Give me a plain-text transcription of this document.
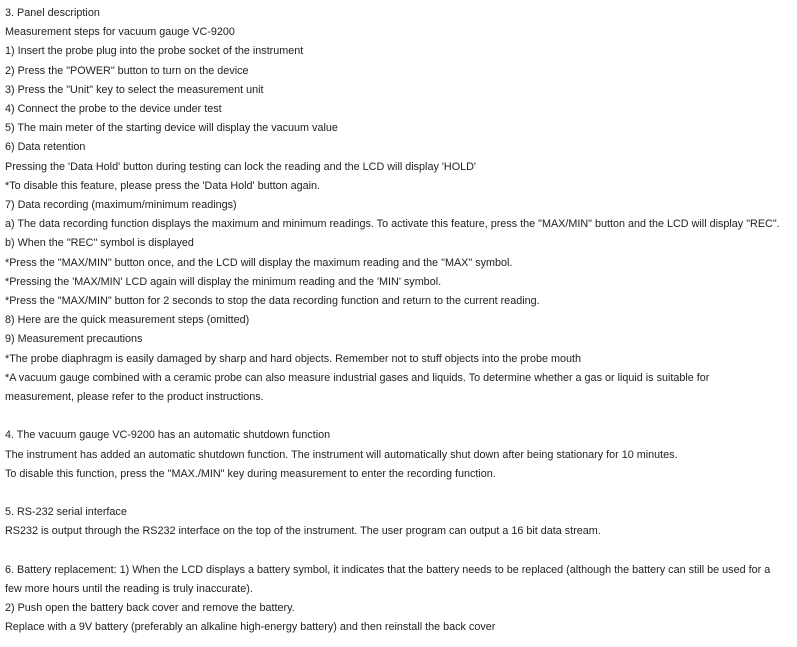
3. Panel description

Measurement steps for vacuum gauge VC-9200

1) Insert the probe plug into the probe socket of the instrument

2) Press the "POWER" button to turn on the device

3) Press the "Unit" key to select the measurement unit

4) Connect the probe to the device under test

5) The main meter of the starting device will display the vacuum value

6) Data retention

Pressing the 'Data Hold' button during testing can lock the reading and the LCD will display 'HOLD'

*To disable this feature, please press the 'Data Hold' button again.

7) Data recording (maximum/minimum readings)

a) The data recording function displays the maximum and minimum readings. To activate this feature, press the "MAX/MIN" button and the LCD will display "REC".

b) When the "REC" symbol is displayed

*Press the "MAX/MIN" button once, and the LCD will display the maximum reading and the "MAX" symbol.

*Pressing the 'MAX/MIN' LCD again will display the minimum reading and the 'MIN' symbol.

*Press the "MAX/MIN" button for 2 seconds to stop the data recording function and return to the current reading.

8) Here are the quick measurement steps (omitted)

9) Measurement precautions

*The probe diaphragm is easily damaged by sharp and hard objects. Remember not to stuff objects into the probe mouth

*A vacuum gauge combined with a ceramic probe can also measure industrial gases and liquids. To determine whether a gas or liquid is suitable for measurement, please refer to the product instructions.

4. The vacuum gauge VC-9200 has an automatic shutdown function

The instrument has added an automatic shutdown function. The instrument will automatically shut down after being stationary for 10 minutes.

To disable this function, press the "MAX./MIN" key during measurement to enter the recording function.

5. RS-232 serial interface

RS232 is output through the RS232 interface on the top of the instrument. The user program can output a 16 bit data stream.

6. Battery replacement: 1) When the LCD displays a battery symbol, it indicates that the battery needs to be replaced (although the battery can still be used for a few more hours until the reading is truly inaccurate).

2) Push open the battery back cover and remove the battery.

Replace with a 9V battery (preferably an alkaline high-energy battery) and then reinstall the back cover
